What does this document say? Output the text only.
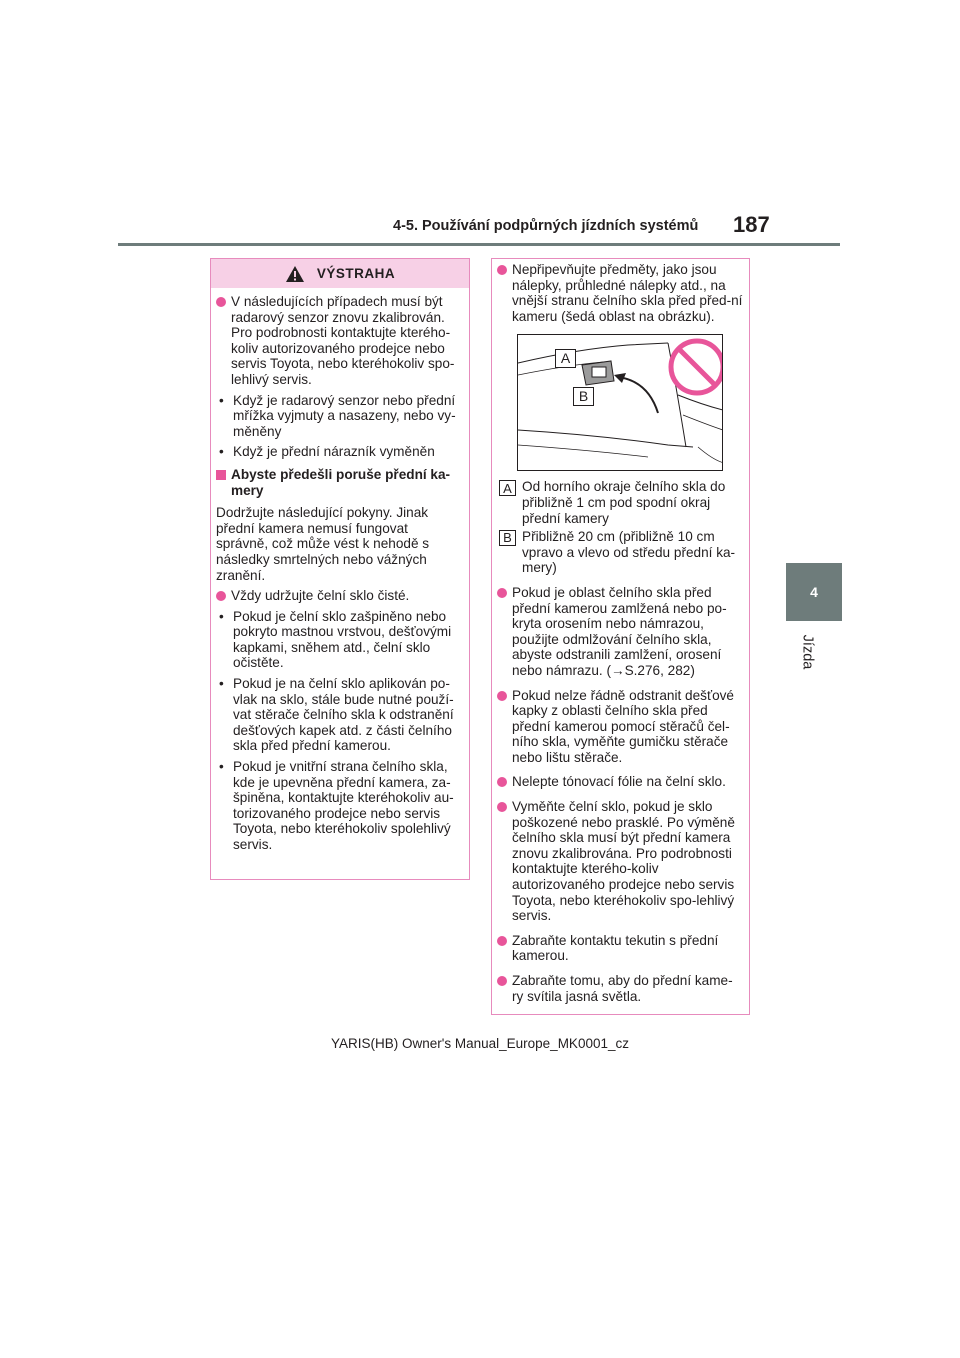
4-5. Používání podpůrných jízdních systémů 187
4
Jízda
VÝSTRAHA
V následujících případech musí být radarový senzor znovu zkalibrován. Pro podrobnosti kontaktujte kterého-koliv autorizovaného prodejce nebo servis Toyota, nebo kteréhokoliv spo-lehlivý servis.
• Když je radarový senzor nebo přední mřížka vyjmuty a nasazeny, nebo vy-měněny
• Když je přední nárazník vyměněn
Abyste předešli poruše přední ka-mery
Dodržujte následující pokyny. Jinak přední kamera nemusí fungovat správně, což může vést k nehodě s následky smrtelných nebo vážných zranění.
Vždy udržujte čelní sklo čisté.
• Pokud je čelní sklo zašpiněno nebo pokryto mastnou vrstvou, dešťovými kapkami, sněhem atd., čelní sklo očistěte.
• Pokud je na čelní sklo aplikován po-vlak na sklo, stále bude nutné použí-vat stěrače čelního skla k odstranění dešťových kapek atd. z části čelního skla před přední kamerou.
• Pokud je vnitřní strana čelního skla, kde je upevněna přední kamera, za-špiněna, kontaktujte kteréhokoliv au-torizovaného prodejce nebo servis Toyota, nebo kteréhokoliv spolehlivý servis.
Nepřipevňujte předměty, jako jsou nálepky, průhledné nálepky atd., na vnější stranu čelního skla před před-ní kameru (šedá oblast na obrázku).
A
B
A Od horního okraje čelního skla do přibližně 1 cm pod spodní okraj přední kamery
B Přibližně 20 cm (přibližně 10 cm vpravo a vlevo od středu přední ka-mery)
Pokud je oblast čelního skla před přední kamerou zamlžená nebo po-kryta orosením nebo námrazou, použijte odmlžování čelního skla, abyste odstranili zamlžení, orosení nebo námrazu. (→S.276, 282)
Pokud nelze řádně odstranit dešťové kapky z oblasti čelního skla před přední kamerou pomocí stěračů čel-ního skla, vyměňte gumičku stěrače nebo lištu stěrače.
Nelepte tónovací fólie na čelní sklo.
Vyměňte čelní sklo, pokud je sklo poškozené nebo prasklé. Po výměně čelního skla musí být přední kamera znovu zkalibrována. Pro podrobnosti kontaktujte kterého-koliv autorizovaného prodejce nebo servis Toyota, nebo kteréhokoliv spo-lehlivý servis.
Zabraňte kontaktu tekutin s přední kamerou.
Zabraňte tomu, aby do přední kame-ry svítila jasná světla.
YARIS(HB) Owner's Manual_Europe_MK0001_cz
